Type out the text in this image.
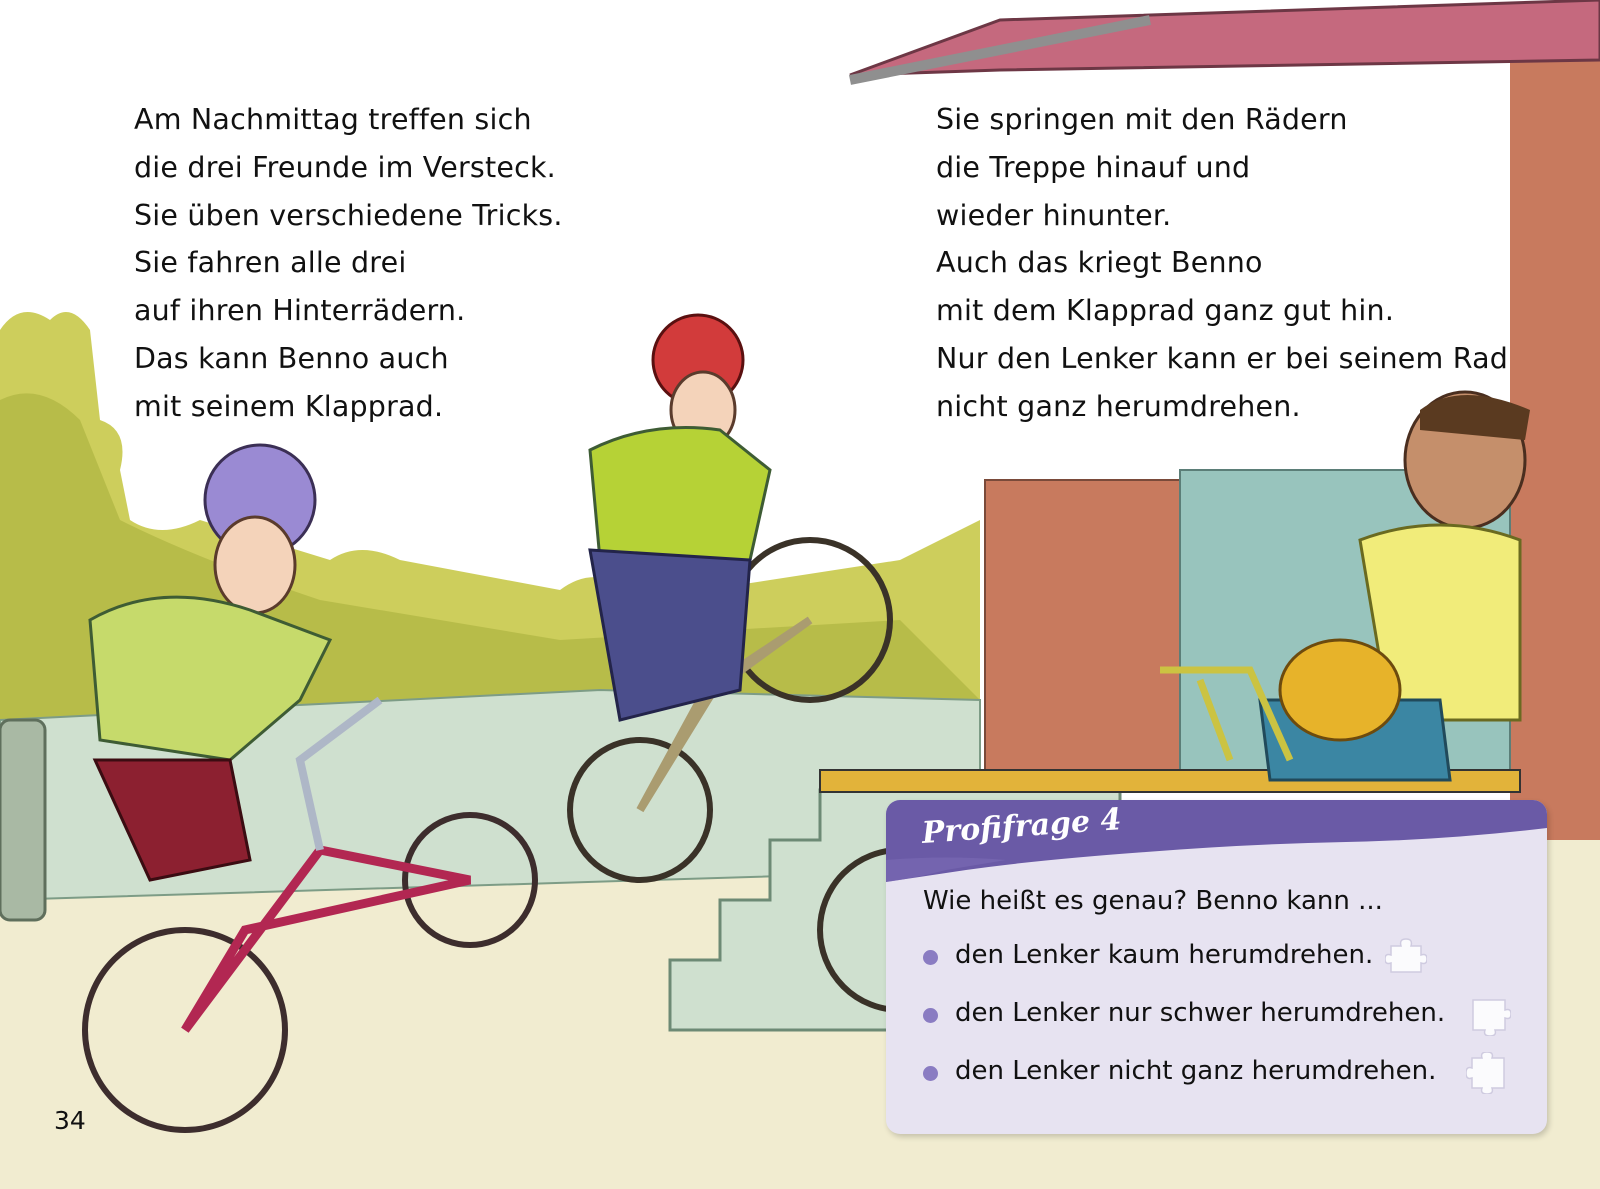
Am Nachmittag treffen sich
die drei Freunde im Versteck.
Sie üben verschiedene Tricks.
Sie fahren alle drei
auf ihren Hinterrädern.
Das kann Benno auch
mit seinem Klapprad.
Sie springen mit den Rädern
die Treppe hinauf und
wieder hinunter.
Auch das kriegt Benno
mit dem Klapprad ganz gut hin.
Nur den Lenker kann er bei seinem Rad
nicht ganz herumdrehen.
34
Profifrage 4
Wie heißt es genau? Benno kann ...
den Lenker kaum herumdrehen.
den Lenker nur schwer herumdrehen.
den Lenker nicht ganz herumdrehen.
